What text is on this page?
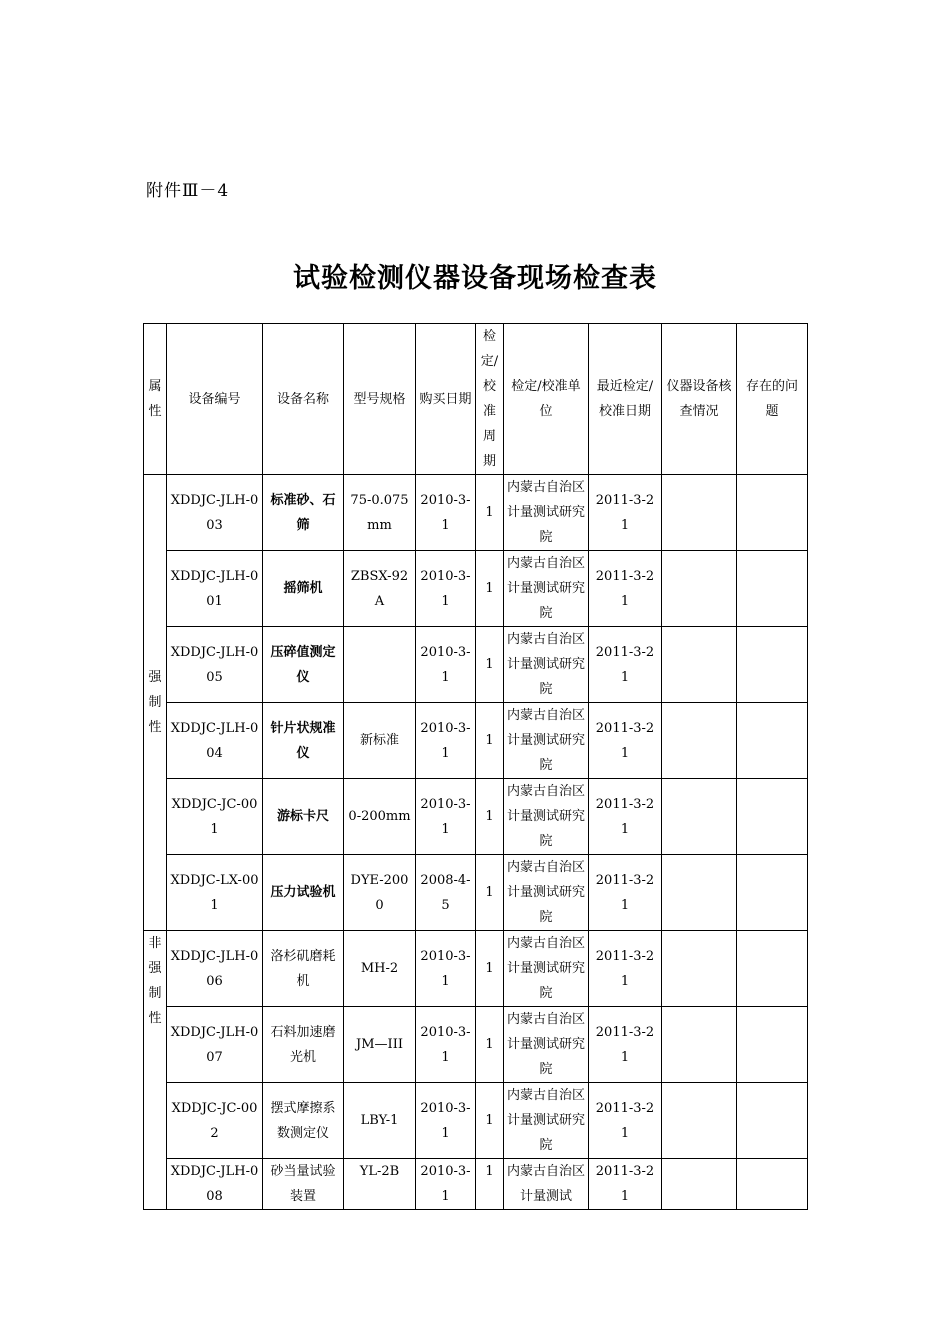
附件Ⅲ－4
试验检测仪器设备现场检查表
属性	设备编号	设备名称	型号规格	购买日期	检定/校准周期	检定/校准单位	最近检定/校准日期	仪器设备核查情况	存在的问题
强制性	XDDJC-JLH-003	标准砂、石筛	75-0.075mm	2010-3-1	1	内蒙古自治区计量测试研究院	2011-3-21		
	XDDJC-JLH-001	摇筛机	ZBSX-92A	2010-3-1	1	内蒙古自治区计量测试研究院	2011-3-21		
	XDDJC-JLH-005	压碎值测定仪		2010-3-1	1	内蒙古自治区计量测试研究院	2011-3-21		
	XDDJC-JLH-004	针片状规准仪	新标准	2010-3-1	1	内蒙古自治区计量测试研究院	2011-3-21		
	XDDJC-JC-001	游标卡尺	0-200mm	2010-3-1	1	内蒙古自治区计量测试研究院	2011-3-21		
	XDDJC-LX-001	压力试验机	DYE-2000	2008-4-5	1	内蒙古自治区计量测试研究院	2011-3-21		
非强制性	XDDJC-JLH-006	洛杉矶磨耗机	MH-2	2010-3-1	1	内蒙古自治区计量测试研究院	2011-3-21		
	XDDJC-JLH-007	石料加速磨光机	JM—III	2010-3-1	1	内蒙古自治区计量测试研究院	2011-3-21		
	XDDJC-JC-002	摆式摩擦系数测定仪	LBY-1	2010-3-1	1	内蒙古自治区计量测试研究院	2011-3-21		
	XDDJC-JLH-008	砂当量试验装置	YL-2B	2010-3-1	1	内蒙古自治区计量测试	2011-3-21		
